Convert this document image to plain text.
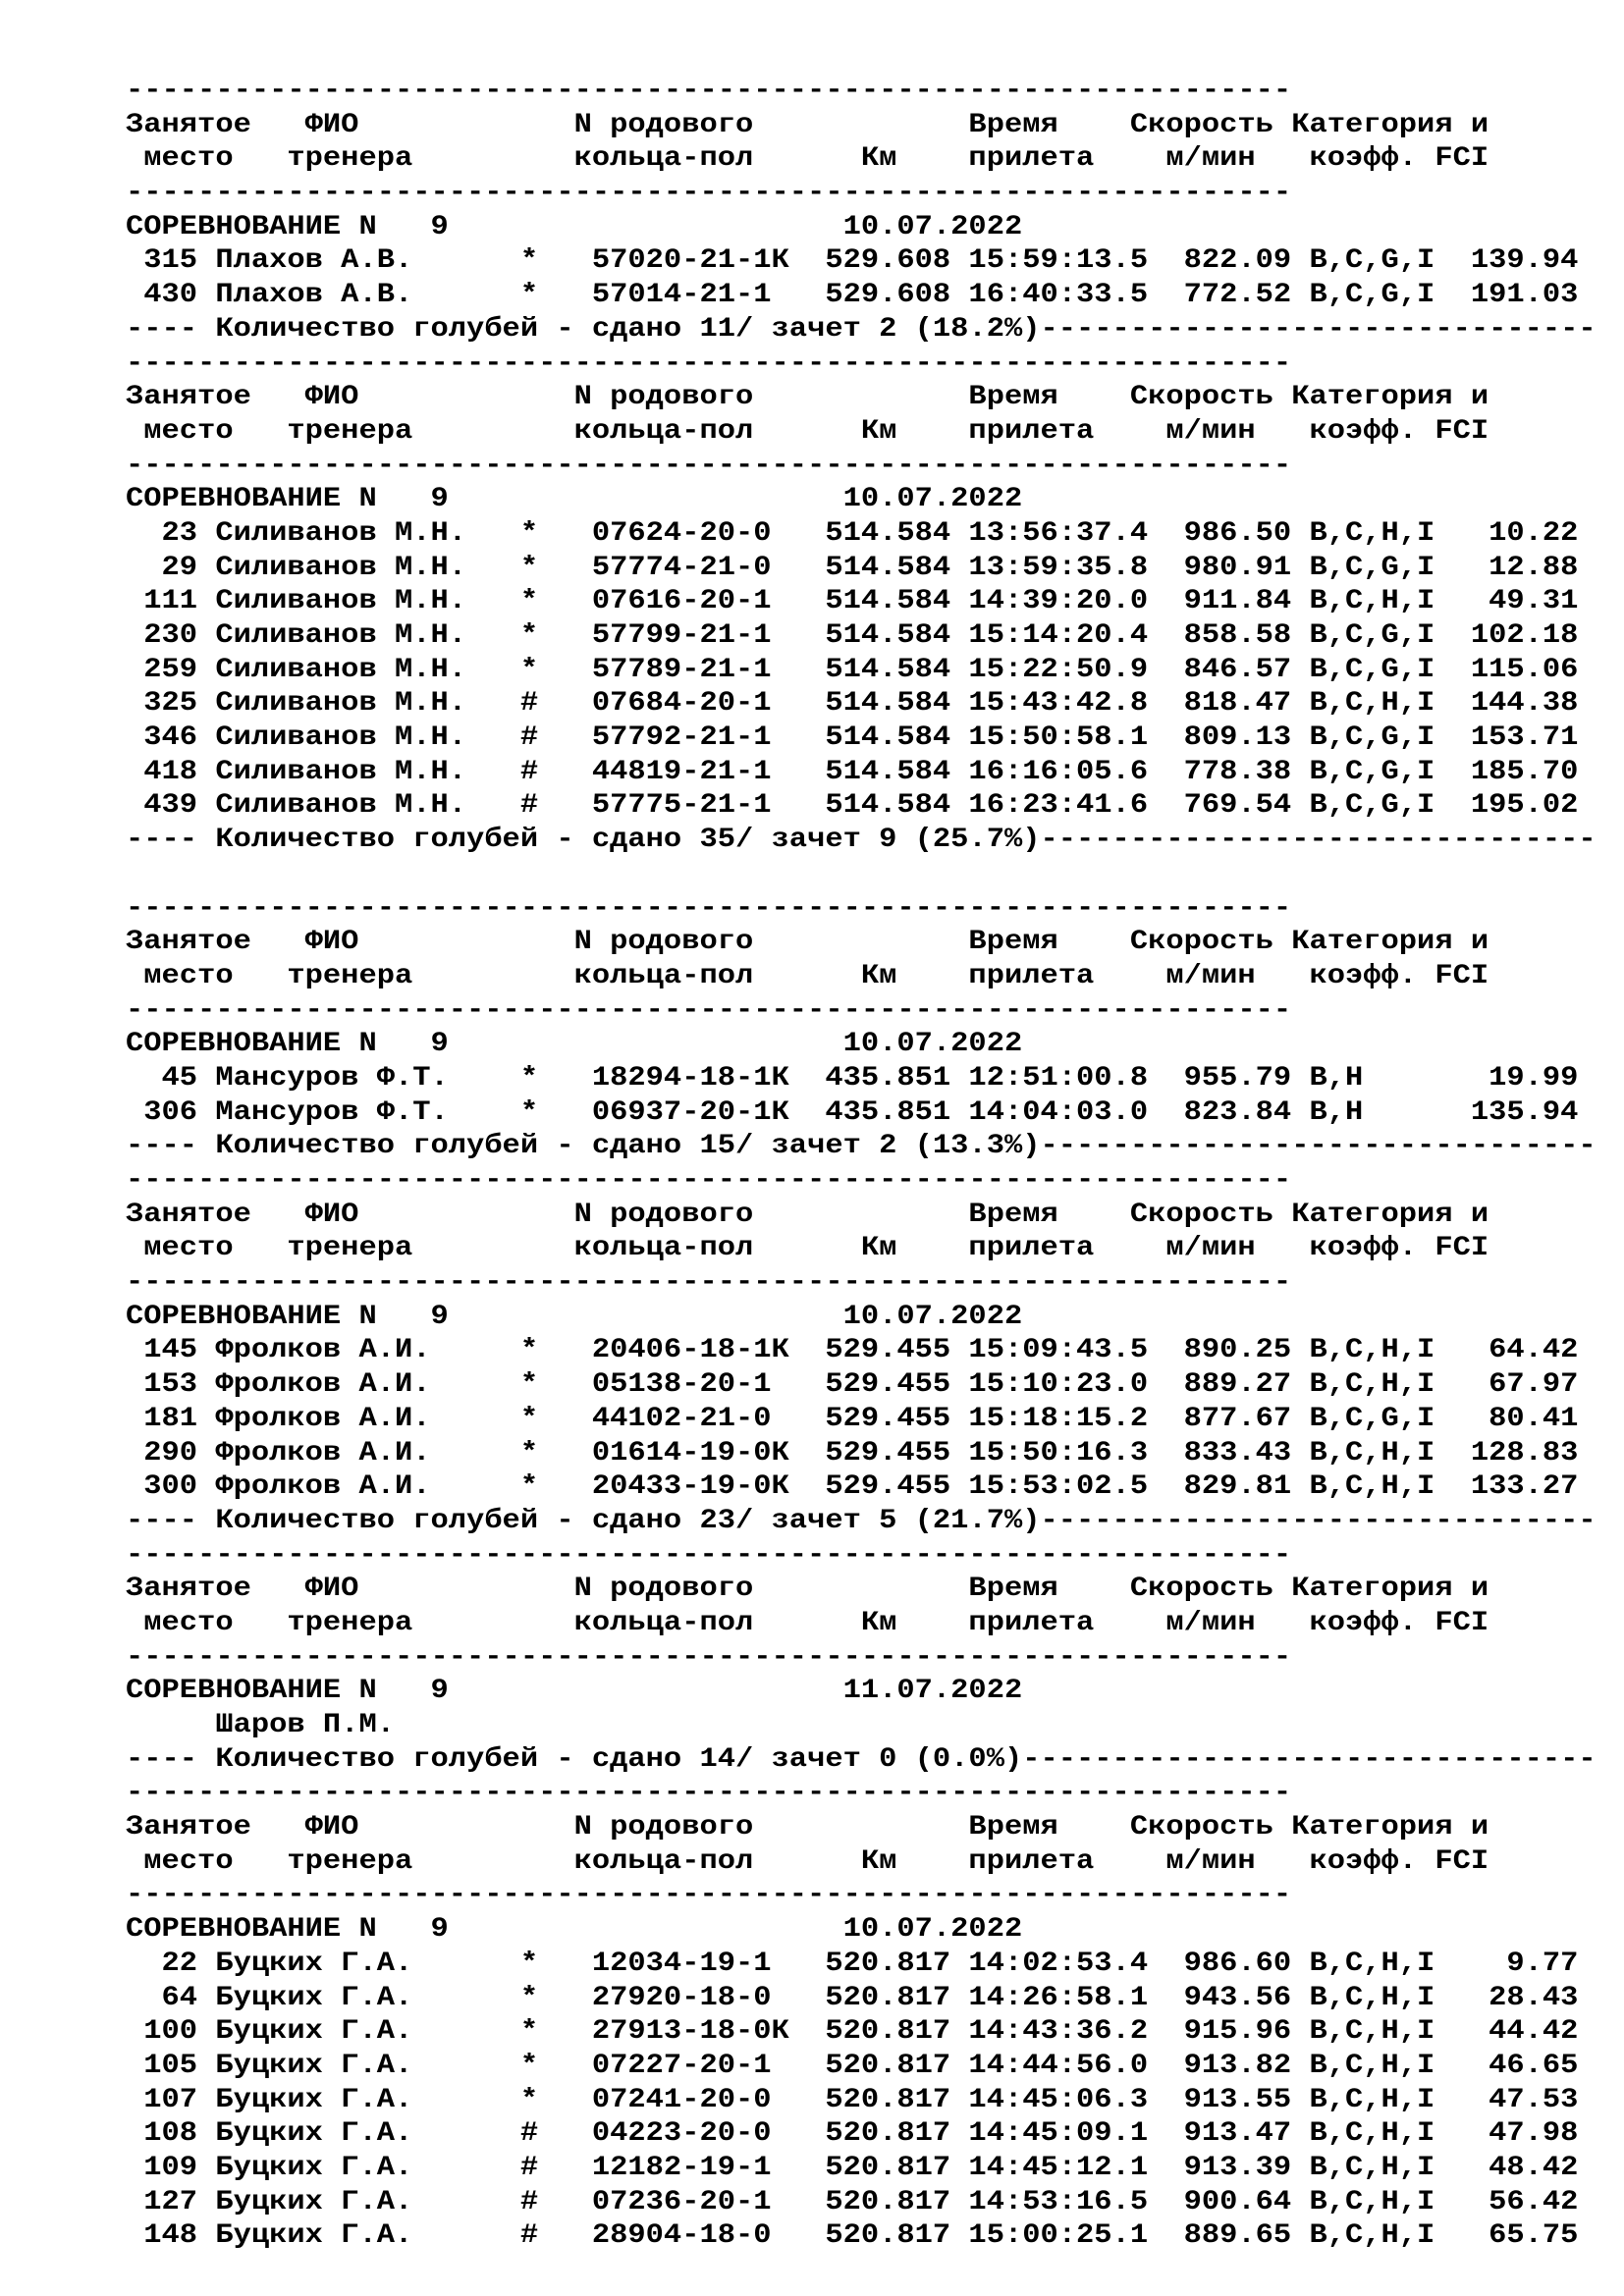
-----------------------------------------------------------------
Занятое   ФИО            N родового            Время    Скорость Категория и
место   тренера         кольца-пол      Км    прилета    м/мин   коэфф. FCI
-----------------------------------------------------------------
СОРЕВНОВАНИЕ N   9                      10.07.2022
315 Плахов А.В.      *   57020-21-1К  529.608 15:59:13.5  822.09 B,C,G,I  139.94
430 Плахов А.В.      *   57014-21-1   529.608 16:40:33.5  772.52 B,C,G,I  191.03
---- Количество голубей - сдано 11/ зачет 2 (18.2%)-------------------------------
-----------------------------------------------------------------
Занятое   ФИО            N родового            Время    Скорость Категория и
место   тренера         кольца-пол      Км    прилета    м/мин   коэфф. FCI
-----------------------------------------------------------------
СОРЕВНОВАНИЕ N   9                      10.07.2022
23 Силиванов М.Н.   *   07624-20-0   514.584 13:56:37.4  986.50 B,C,H,I   10.22
29 Силиванов М.Н.   *   57774-21-0   514.584 13:59:35.8  980.91 B,C,G,I   12.88
111 Силиванов М.Н.   *   07616-20-1   514.584 14:39:20.0  911.84 B,C,H,I   49.31
230 Силиванов М.Н.   *   57799-21-1   514.584 15:14:20.4  858.58 B,C,G,I  102.18
259 Силиванов М.Н.   *   57789-21-1   514.584 15:22:50.9  846.57 B,C,G,I  115.06
325 Силиванов М.Н.   #   07684-20-1   514.584 15:43:42.8  818.47 B,C,H,I  144.38
346 Силиванов М.Н.   #   57792-21-1   514.584 15:50:58.1  809.13 B,C,G,I  153.71
418 Силиванов М.Н.   #   44819-21-1   514.584 16:16:05.6  778.38 B,C,G,I  185.70
439 Силиванов М.Н.   #   57775-21-1   514.584 16:23:41.6  769.54 B,C,G,I  195.02
---- Количество голубей - сдано 35/ зачет 9 (25.7%)-------------------------------
-----------------------------------------------------------------
Занятое   ФИО            N родового            Время    Скорость Категория и
место   тренера         кольца-пол      Км    прилета    м/мин   коэфф. FCI
-----------------------------------------------------------------
СОРЕВНОВАНИЕ N   9                      10.07.2022
45 Мансуров Ф.Т.    *   18294-18-1К  435.851 12:51:00.8  955.79 B,H       19.99
306 Мансуров Ф.Т.    *   06937-20-1К  435.851 14:04:03.0  823.84 B,H      135.94
---- Количество голубей - сдано 15/ зачет 2 (13.3%)-------------------------------
-----------------------------------------------------------------
Занятое   ФИО            N родового            Время    Скорость Категория и
место   тренера         кольца-пол      Км    прилета    м/мин   коэфф. FCI
-----------------------------------------------------------------
СОРЕВНОВАНИЕ N   9                      10.07.2022
145 Фролков А.И.     *   20406-18-1К  529.455 15:09:43.5  890.25 B,C,H,I   64.42
153 Фролков А.И.     *   05138-20-1   529.455 15:10:23.0  889.27 B,C,H,I   67.97
181 Фролков А.И.     *   44102-21-0   529.455 15:18:15.2  877.67 B,C,G,I   80.41
290 Фролков А.И.     *   01614-19-0К  529.455 15:50:16.3  833.43 B,C,H,I  128.83
300 Фролков А.И.     *   20433-19-0К  529.455 15:53:02.5  829.81 B,C,H,I  133.27
---- Количество голубей - сдано 23/ зачет 5 (21.7%)-------------------------------
-----------------------------------------------------------------
Занятое   ФИО            N родового            Время    Скорость Категория и
место   тренера         кольца-пол      Км    прилета    м/мин   коэфф. FCI
-----------------------------------------------------------------
СОРЕВНОВАНИЕ N   9                      11.07.2022
Шаров П.М.
---- Количество голубей - сдано 14/ зачет 0 (0.0%)--------------------------------
-----------------------------------------------------------------
Занятое   ФИО            N родового            Время    Скорость Категория и
место   тренера         кольца-пол      Км    прилета    м/мин   коэфф. FCI
-----------------------------------------------------------------
СОРЕВНОВАНИЕ N   9                      10.07.2022
22 Буцких Г.А.      *   12034-19-1   520.817 14:02:53.4  986.60 B,C,H,I    9.77
64 Буцких Г.А.      *   27920-18-0   520.817 14:26:58.1  943.56 B,C,H,I   28.43
100 Буцких Г.А.      *   27913-18-0К  520.817 14:43:36.2  915.96 B,C,H,I   44.42
105 Буцких Г.А.      *   07227-20-1   520.817 14:44:56.0  913.82 B,C,H,I   46.65
107 Буцких Г.А.      *   07241-20-0   520.817 14:45:06.3  913.55 B,C,H,I   47.53
108 Буцких Г.А.      #   04223-20-0   520.817 14:45:09.1  913.47 B,C,H,I   47.98
109 Буцких Г.А.      #   12182-19-1   520.817 14:45:12.1  913.39 B,C,H,I   48.42
127 Буцких Г.А.      #   07236-20-1   520.817 14:53:16.5  900.64 B,C,H,I   56.42
148 Буцких Г.А.      #   28904-18-0   520.817 15:00:25.1  889.65 B,C,H,I   65.75
